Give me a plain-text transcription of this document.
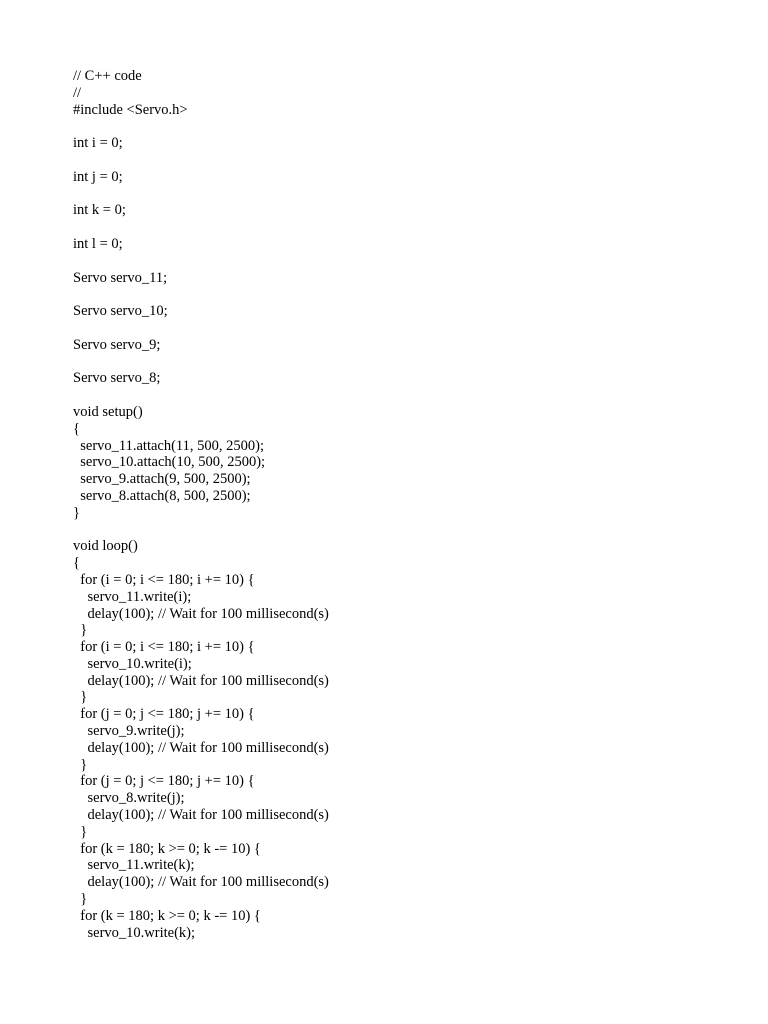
// C++ code
//
#include <Servo.h>
int i = 0;
int j = 0;
int k = 0;
int l = 0;
Servo servo_11;
Servo servo_10;
Servo servo_9;
Servo servo_8;
void setup()
{
servo_11.attach(11, 500, 2500);
servo_10.attach(10, 500, 2500);
servo_9.attach(9, 500, 2500);
servo_8.attach(8, 500, 2500);
}
void loop()
{
for (i = 0; i <= 180; i += 10) {
servo_11.write(i);
delay(100); // Wait for 100 millisecond(s)
}
for (i = 0; i <= 180; i += 10) {
servo_10.write(i);
delay(100); // Wait for 100 millisecond(s)
}
for (j = 0; j <= 180; j += 10) {
servo_9.write(j);
delay(100); // Wait for 100 millisecond(s)
}
for (j = 0; j <= 180; j += 10) {
servo_8.write(j);
delay(100); // Wait for 100 millisecond(s)
}
for (k = 180; k >= 0; k -= 10) {
servo_11.write(k);
delay(100); // Wait for 100 millisecond(s)
}
for (k = 180; k >= 0; k -= 10) {
servo_10.write(k);
